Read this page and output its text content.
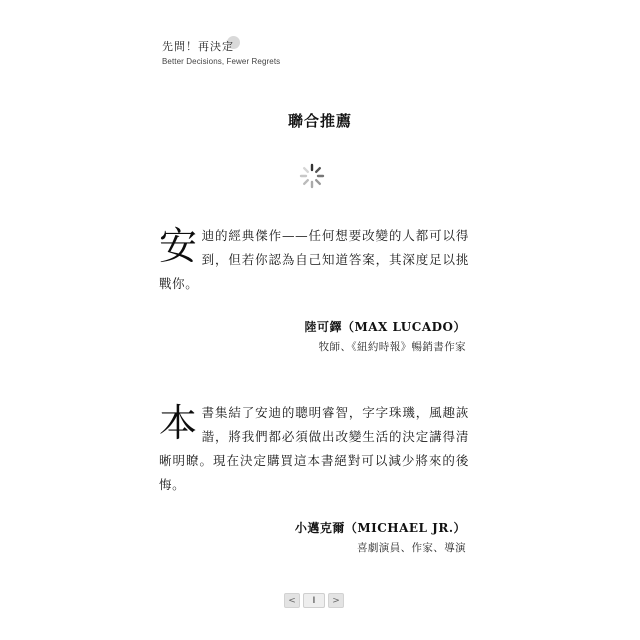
先問！再決定
Better Decisions, Fewer Regrets
聯合推薦
安迪的經典傑作——任何想要改變的人都可以得到，但若你認為自己知道答案，其深度足以挑戰你。
陸可鐸（MAX LUCADO）
牧師、《紐約時報》暢銷書作家
本書集結了安迪的聰明睿智，字字珠璣，風趣詼諧，將我們都必須做出改變生活的決定講得清晰明瞭。現在決定購買這本書絕對可以減少將來的後悔。
小邁克爾（MICHAEL JR.）
喜劇演員、作家、導演
< I >
